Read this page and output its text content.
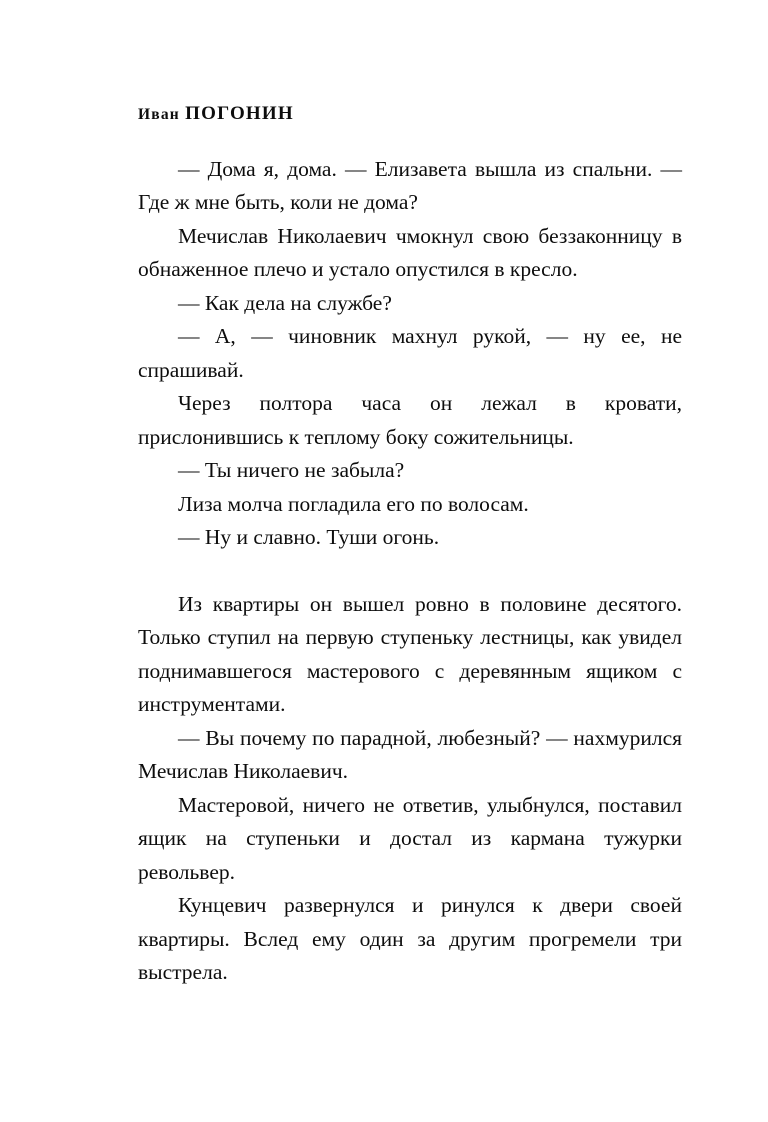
Иван ПОГОНИН

— Дома я, дома. — Елизавета вышла из спальни. — Где ж мне быть, коли не дома?

Мечислав Николаевич чмокнул свою беззаконницу в обнаженное плечо и устало опустился в кресло.

— Как дела на службе?

— А, — чиновник махнул рукой, — ну ее, не спрашивай.

Через полтора часа он лежал в кровати, прислонившись к теплому боку сожительницы.

— Ты ничего не забыла?

Лиза молча погладила его по волосам.

— Ну и славно. Туши огонь.

Из квартиры он вышел ровно в половине десятого. Только ступил на первую ступеньку лестницы, как увидел поднимавшегося мастерового с деревянным ящиком с инструментами.

— Вы почему по парадной, любезный? — нахмурился Мечислав Николаевич.

Мастеровой, ничего не ответив, улыбнулся, поставил ящик на ступеньки и достал из кармана тужурки револьвер.

Кунцевич развернулся и ринулся к двери своей квартиры. Вслед ему один за другим прогремели три выстрела.
